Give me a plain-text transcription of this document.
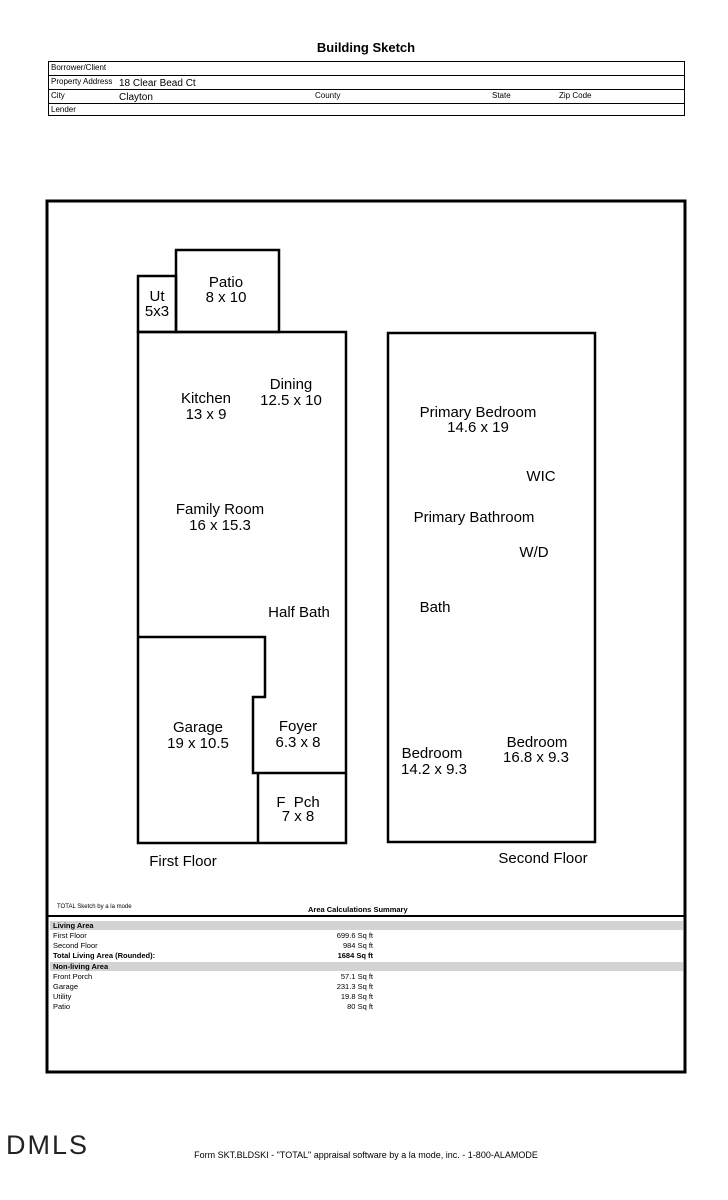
Building Sketch
Borrower/Client
Property Address 18 Clear Bead Ct
City	Clayton	County	State	Zip Code
Lender
Ut
5x3
Patio
8 x 10
Kitchen
13 x 9
Dining
12.5 x 10
Family Room
16 x 15.3
Half Bath
Garage
19 x 10.5
Foyer
6.3 x 8
F  Pch
7 x 8
Primary Bedroom
14.6 x 19
WIC
Primary Bathroom
W/D
Bath
Bedroom
14.2 x 9.3
Bedroom
16.8 x 9.3
First Floor	Second Floor
TOTAL Sketch by a la mode	Area Calculations Summary
Living Area
First Floor	699.6 Sq ft
Second Floor	984 Sq ft
Total Living Area (Rounded):	1684 Sq ft
Non-living Area
Front Porch	57.1 Sq ft
Garage	231.3 Sq ft
Utility	19.8 Sq ft
Patio	80 Sq ft
DMLS	Form SKT.BLDSKI - "TOTAL" appraisal software by a la mode, inc. - 1-800-ALAMODE
